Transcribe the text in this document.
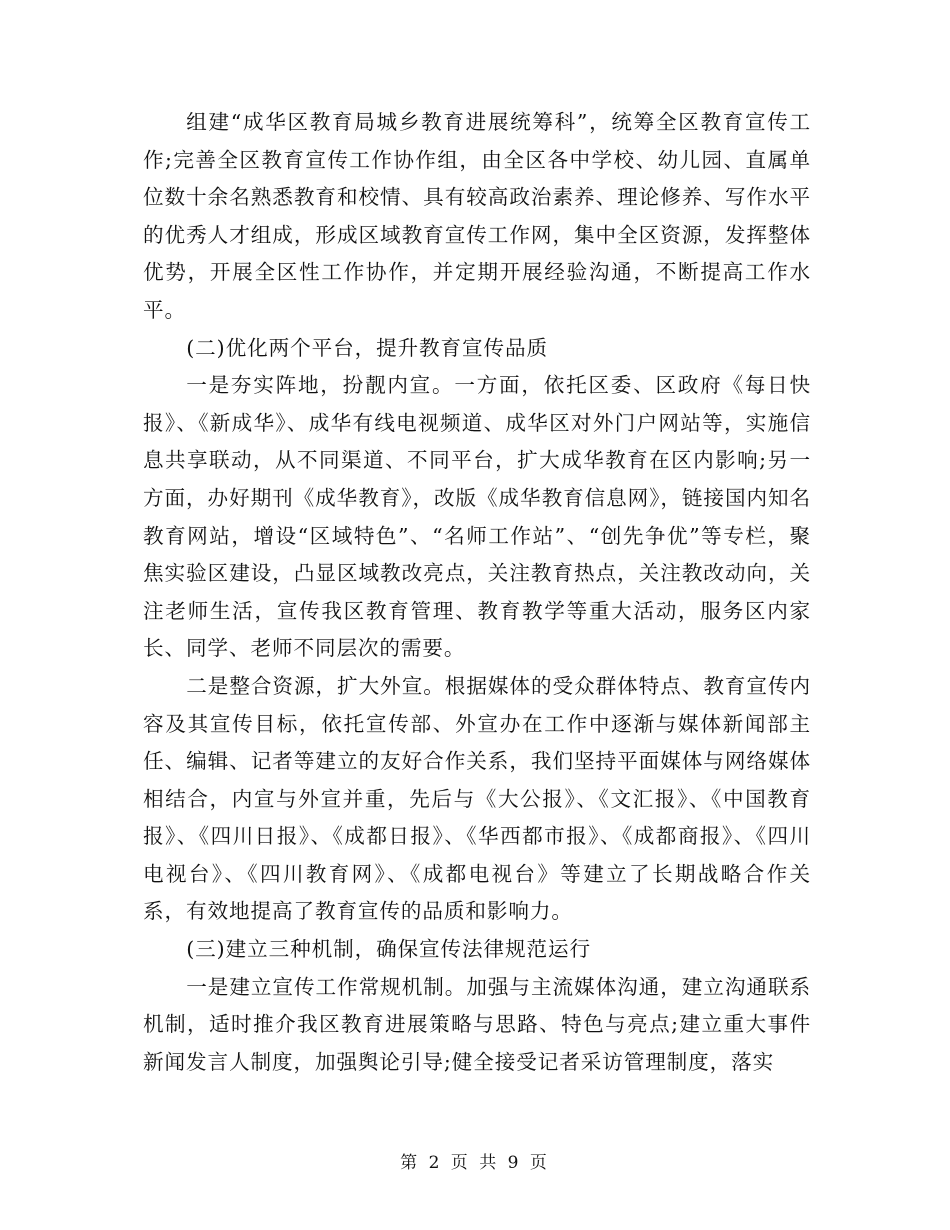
组建“成华区教育局城乡教育进展统筹科”，统筹全区教育宣传工作;完善全区教育宣传工作协作组，由全区各中学校、幼儿园、直属单位数十余名熟悉教育和校情、具有较高政治素养、理论修养、写作水平的优秀人才组成，形成区域教育宣传工作网，集中全区资源，发挥整体优势，开展全区性工作协作，并定期开展经验沟通，不断提高工作水平。

(二)优化两个平台，提升教育宣传品质

一是夯实阵地，扮靓内宣。一方面，依托区委、区政府《每日快报》、《新成华》、成华有线电视频道、成华区对外门户网站等，实施信息共享联动，从不同渠道、不同平台，扩大成华教育在区内影响;另一方面，办好期刊《成华教育》，改版《成华教育信息网》，链接国内知名教育网站，增设“区域特色”、“名师工作站”、“创先争优”等专栏，聚焦实验区建设，凸显区域教改亮点，关注教育热点，关注教改动向，关注老师生活，宣传我区教育管理、教育教学等重大活动，服务区内家长、同学、老师不同层次的需要。

二是整合资源，扩大外宣。根据媒体的受众群体特点、教育宣传内容及其宣传目标，依托宣传部、外宣办在工作中逐渐与媒体新闻部主任、编辑、记者等建立的友好合作关系，我们坚持平面媒体与网络媒体相结合，内宣与外宣并重，先后与《大公报》、《文汇报》、《中国教育报》、《四川日报》、《成都日报》、《华西都市报》、《成都商报》、《四川电视台》、《四川教育网》、《成都电视台》等建立了长期战略合作关系，有效地提高了教育宣传的品质和影响力。

(三)建立三种机制，确保宣传法律规范运行

一是建立宣传工作常规机制。加强与主流媒体沟通，建立沟通联系机制，适时推介我区教育进展策略与思路、特色与亮点;建立重大事件新闻发言人制度，加强舆论引导;健全接受记者采访管理制度，落实

第 2 页 共 9 页
